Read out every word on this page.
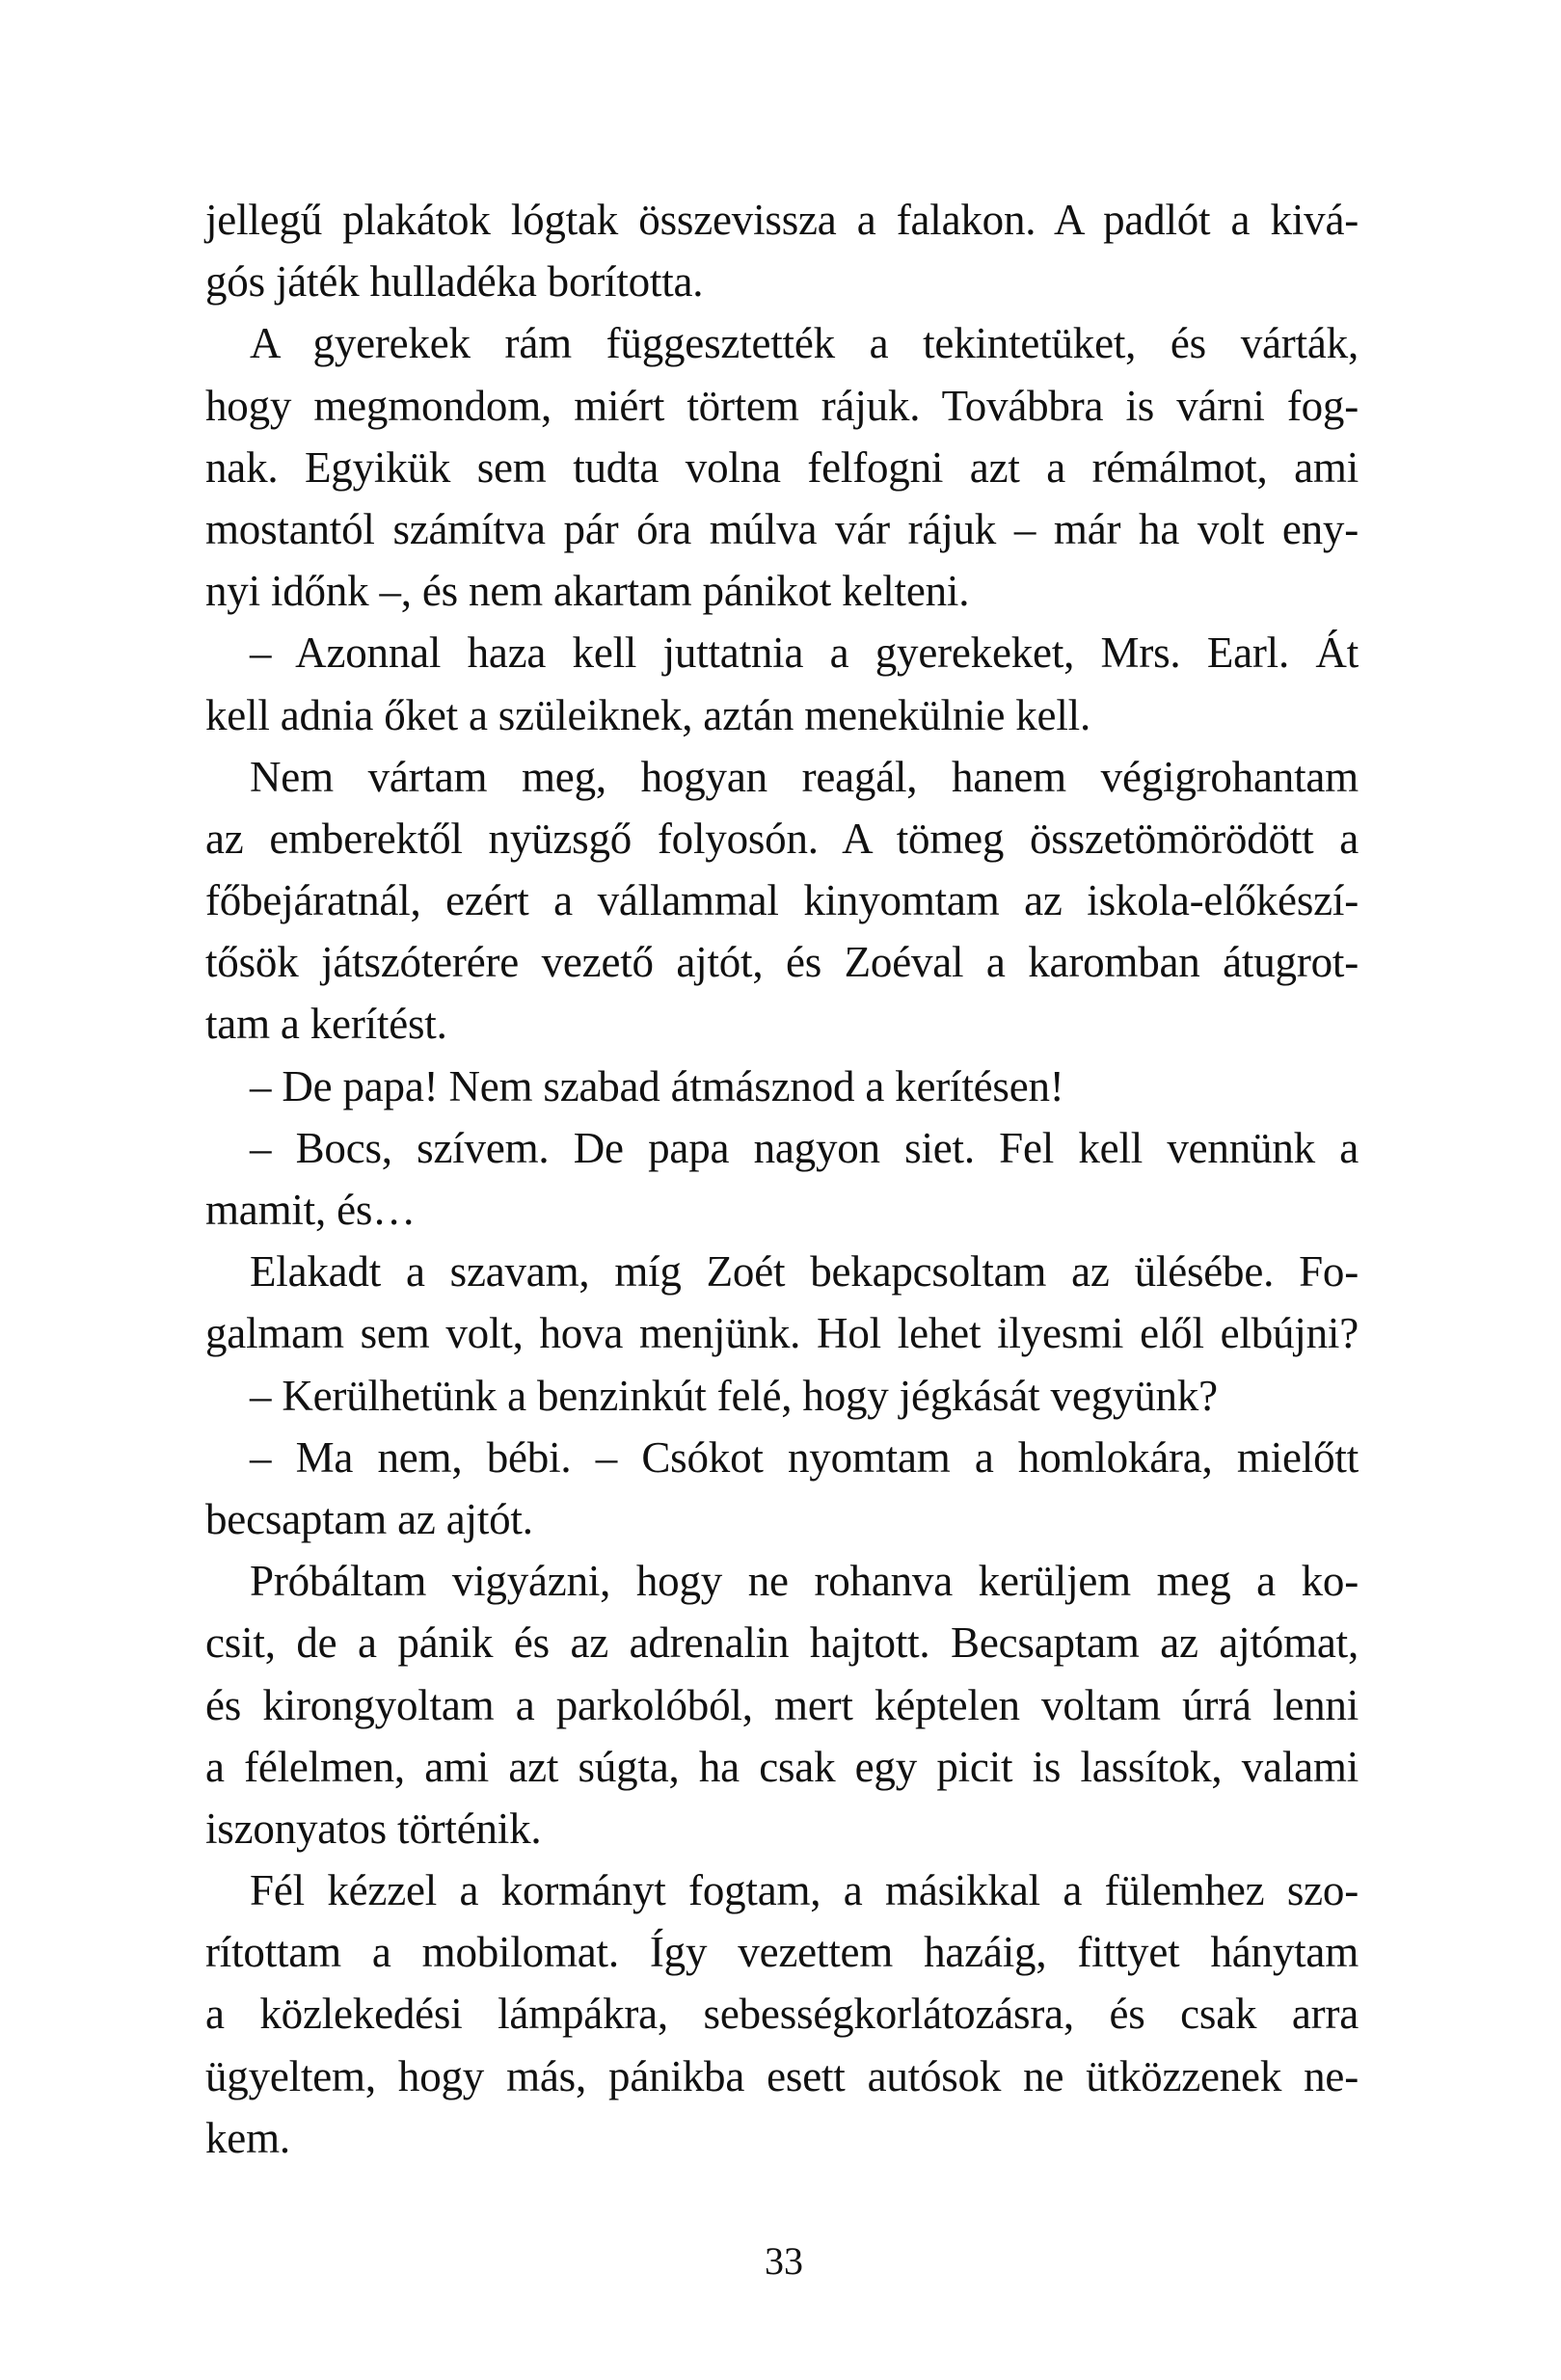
jellegű plakátok lógtak összevissza a falakon. A padlót a kivá-
gós játék hulladéka borította.
A gyerekek rám függesztették a tekintetüket, és várták,
hogy megmondom, miért törtem rájuk. Továbbra is várni fog-
nak. Egyikük sem tudta volna felfogni azt a rémálmot, ami
mostantól számítva pár óra múlva vár rájuk – már ha volt eny-
nyi időnk –, és nem akartam pánikot kelteni.
– Azonnal haza kell juttatnia a gyerekeket, Mrs. Earl. Át
kell adnia őket a szüleiknek, aztán menekülnie kell.
Nem vártam meg, hogyan reagál, hanem végigrohantam
az emberektől nyüzsgő folyosón. A tömeg összetömörödött a
főbejáratnál, ezért a vállammal kinyomtam az iskola-előkészí-
tősök játszóterére vezető ajtót, és Zoéval a karomban átugrot-
tam a kerítést.
– De papa! Nem szabad átmásznod a kerítésen!
– Bocs, szívem. De papa nagyon siet. Fel kell vennünk a
mamit, és…
Elakadt a szavam, míg Zoét bekapcsoltam az ülésébe. Fo-
galmam sem volt, hova menjünk. Hol lehet ilyesmi elől elbújni?
– Kerülhetünk a benzinkút felé, hogy jégkását vegyünk?
– Ma nem, bébi. – Csókot nyomtam a homlokára, mielőtt
becsaptam az ajtót.
Próbáltam vigyázni, hogy ne rohanva kerüljem meg a ko-
csit, de a pánik és az adrenalin hajtott. Becsaptam az ajtómat,
és kirongyoltam a parkolóból, mert képtelen voltam úrrá lenni
a félelmen, ami azt súgta, ha csak egy picit is lassítok, valami
iszonyatos történik.
Fél kézzel a kormányt fogtam, a másikkal a fülemhez szo-
rítottam a mobilomat. Így vezettem hazáig, fittyet hánytam
a közlekedési lámpákra, sebességkorlátozásra, és csak arra
ügyeltem, hogy más, pánikba esett autósok ne ütközzenek ne-
kem.
33
